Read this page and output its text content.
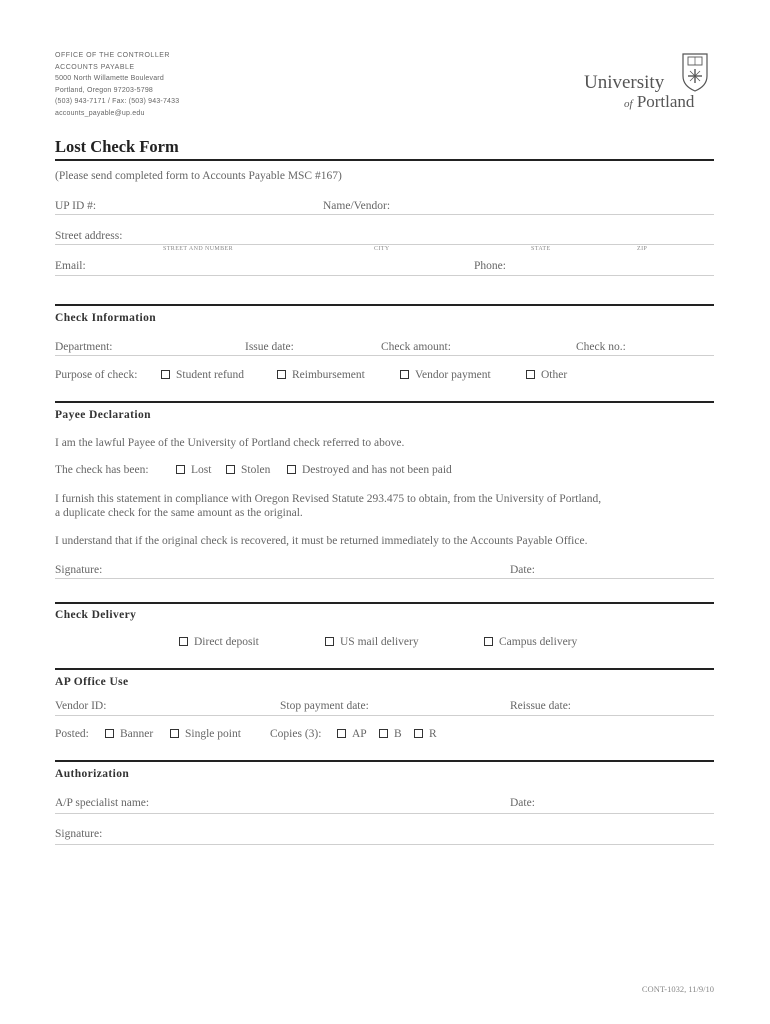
OFFICE OF THE CONTROLLER
ACCOUNTS PAYABLE
5000 North Willamette Boulevard
Portland, Oregon 97203-5798
(503) 943-7171 / Fax: (503) 943-7433
accounts_payable@up.edu
University
of Portland
Lost Check Form
(Please send completed form to Accounts Payable MSC #167)
UP ID #:	Name/Vendor:
Street address:
STREET AND NUMBER	CITY	STATE	ZIP
Email:	Phone:
Check Information
Department:	Issue date:	Check amount:	Check no.:
Purpose of check:	Student refund	Reimbursement	Vendor payment	Other
Payee Declaration
I am the lawful Payee of the University of Portland check referred to above.
The check has been:	Lost	Stolen	Destroyed and has not been paid
I furnish this statement in compliance with Oregon Revised Statute 293.475 to obtain, from the University of Portland,
a duplicate check for the same amount as the original.
I understand that if the original check is recovered, it must be returned immediately to the Accounts Payable Office.
Signature:	Date:
Check Delivery
Direct deposit	US mail delivery	Campus delivery
AP Office Use
Vendor ID:	Stop payment date:	Reissue date:
Posted:	Banner	Single point	Copies (3):	AP	B	R
Authorization
A/P specialist name:	Date:
Signature:
CONT-1032, 11/9/10
